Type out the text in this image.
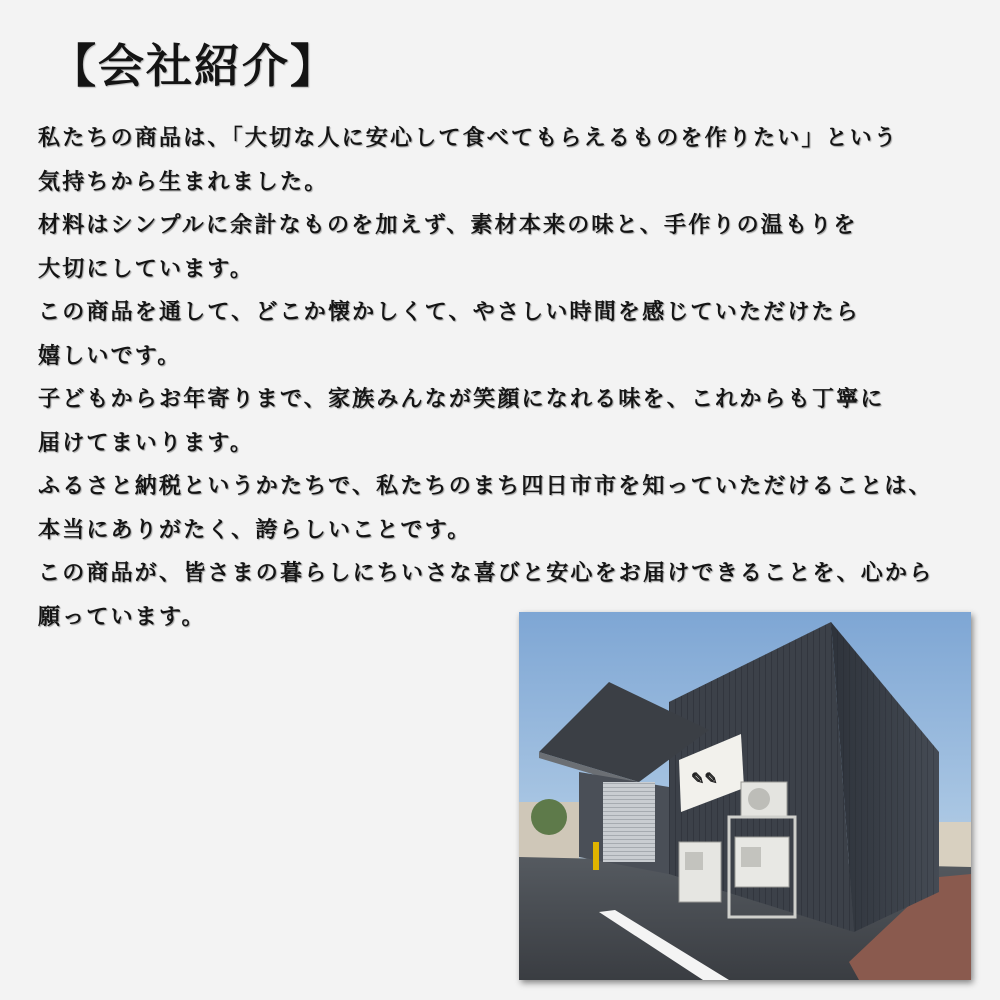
【会社紹介】
私たちの商品は、「大切な人に安心して食べてもらえるものを作りたい」という
気持ちから生まれました。
材料はシンプルに余計なものを加えず、素材本来の味と、手作りの温もりを
大切にしています。
この商品を通して、どこか懐かしくて、やさしい時間を感じていただけたら
嬉しいです。
子どもからお年寄りまで、家族みんなが笑顔になれる味を、これからも丁寧に
届けてまいります。
ふるさと納税というかたちで、私たちのまち四日市市を知っていただけることは、
本当にありがたく、誇らしいことです。
この商品が、皆さまの暮らしにちいさな喜びと安心をお届けできることを、心から
願っています。
✎✎
